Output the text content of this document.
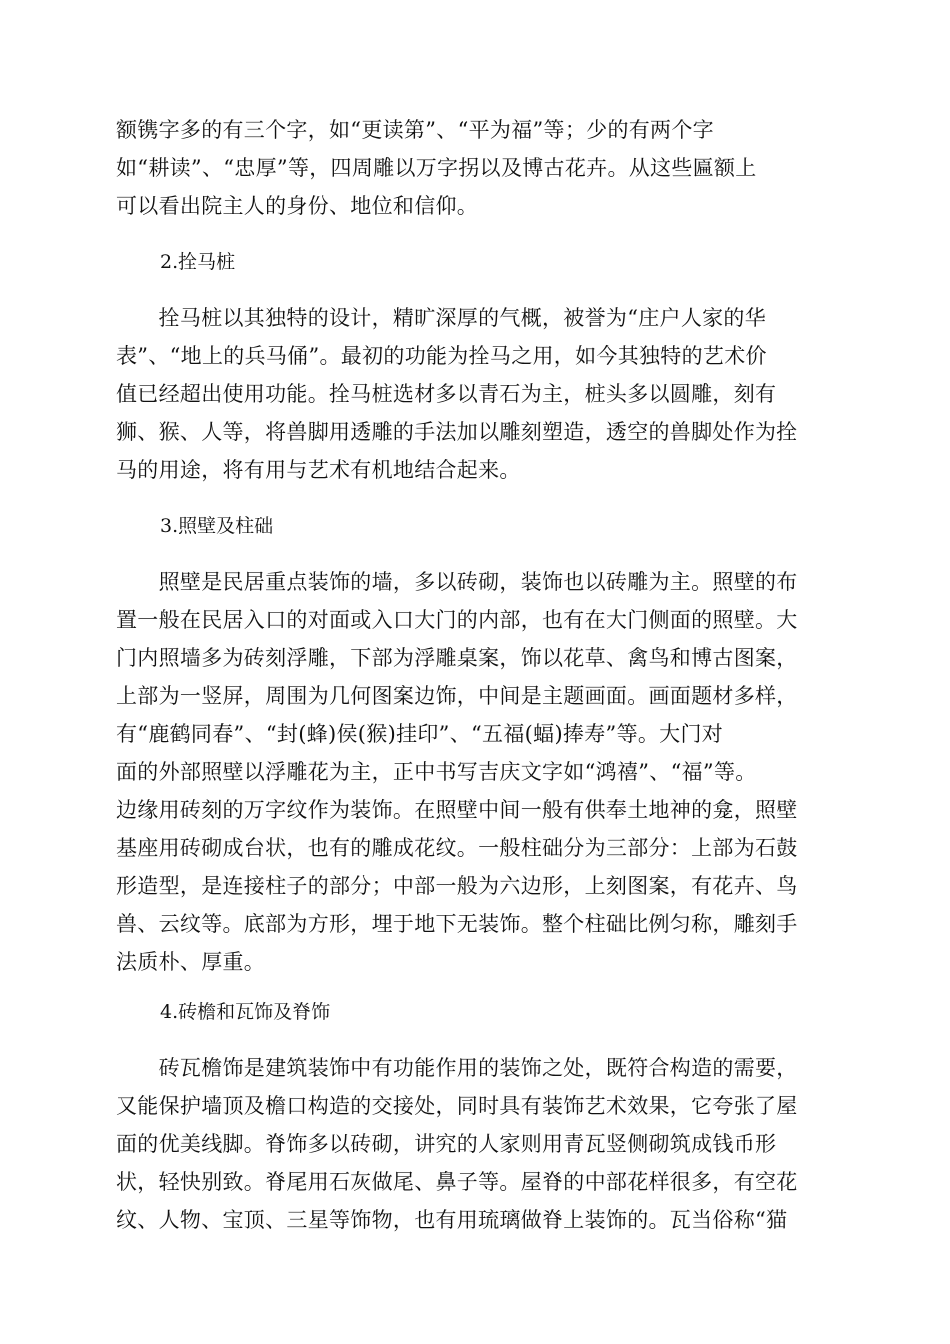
额镌字多的有三个字，如“更读第”、“平为福”等；少的有两个字
如“耕读”、“忠厚”等，四周雕以万字拐以及博古花卉。从这些匾额上
可以看出院主人的身份、地位和信仰。
2.拴马桩
　　拴马桩以其独特的设计，精旷深厚的气概，被誉为“庄户人家的华
表”、“地上的兵马俑”。最初的功能为拴马之用，如今其独特的艺术价
值已经超出使用功能。拴马桩选材多以青石为主，桩头多以圆雕，刻有
狮、猴、人等，将兽脚用透雕的手法加以雕刻塑造，透空的兽脚处作为拴
马的用途，将有用与艺术有机地结合起来。
3.照壁及柱础
　　照壁是民居重点装饰的墙，多以砖砌，装饰也以砖雕为主。照壁的布
置一般在民居入口的对面或入口大门的内部，也有在大门侧面的照壁。大
门内照墙多为砖刻浮雕，下部为浮雕桌案，饰以花草、禽鸟和博古图案，
上部为一竖屏，周围为几何图案边饰，中间是主题画面。画面题材多样，
有“鹿鹤同春”、“封(蜂)侯(猴)挂印”、“五福(蝠)捧寿”等。大门对
面的外部照壁以浮雕花为主，正中书写吉庆文字如“鸿禧”、“福”等。
边缘用砖刻的万字纹作为装饰。在照壁中间一般有供奉土地神的龛，照壁
基座用砖砌成台状，也有的雕成花纹。一般柱础分为三部分：上部为石鼓
形造型，是连接柱子的部分；中部一般为六边形，上刻图案，有花卉、鸟
兽、云纹等。底部为方形，埋于地下无装饰。整个柱础比例匀称，雕刻手
法质朴、厚重。
4.砖檐和瓦饰及脊饰
　　砖瓦檐饰是建筑装饰中有功能作用的装饰之处，既符合构造的需要，
又能保护墙顶及檐口构造的交接处，同时具有装饰艺术效果，它夸张了屋
面的优美线脚。脊饰多以砖砌，讲究的人家则用青瓦竖侧砌筑成钱币形
状，轻快别致。脊尾用石灰做尾、鼻子等。屋脊的中部花样很多，有空花
纹、人物、宝顶、三星等饰物，也有用琉璃做脊上装饰的。瓦当俗称“猫
